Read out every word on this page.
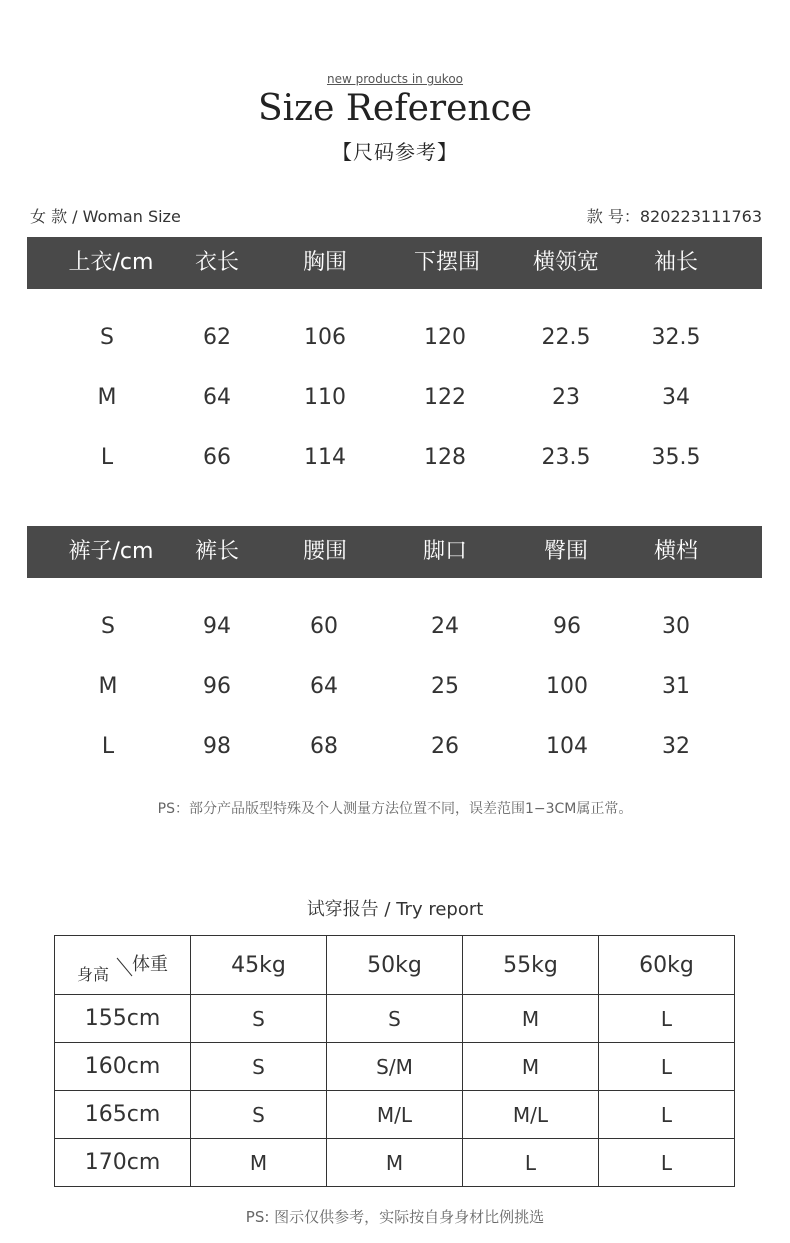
new products in gukoo
Size Reference
【尺码参考】
女 款 / Woman Size	款 号：820223111763
上衣/cm 衣长	胸围	下摆围 横领宽 袖长
S	62	106	120	22.5	32.5
M	64	110	122	23	34
L	66	114	128	23.5	35.5
裤子/cm 裤长	腰围	脚口	臀围	横档
S	94	60	24	96	30
M	96	64	25	100	31
L	98	68	26	104	32
PS：部分产品版型特殊及个人测量方法位置不同，误差范围1−3CM属正常。
试穿报告 / Try report
体重
身高	45kg	50kg	55kg	60kg
155cm	S	S	M	L
160cm	S	S/M	M	L
165cm	S	M/L	M/L	L
170cm	M	M	L	L
PS: 图示仅供参考，实际按自身身材比例挑选
